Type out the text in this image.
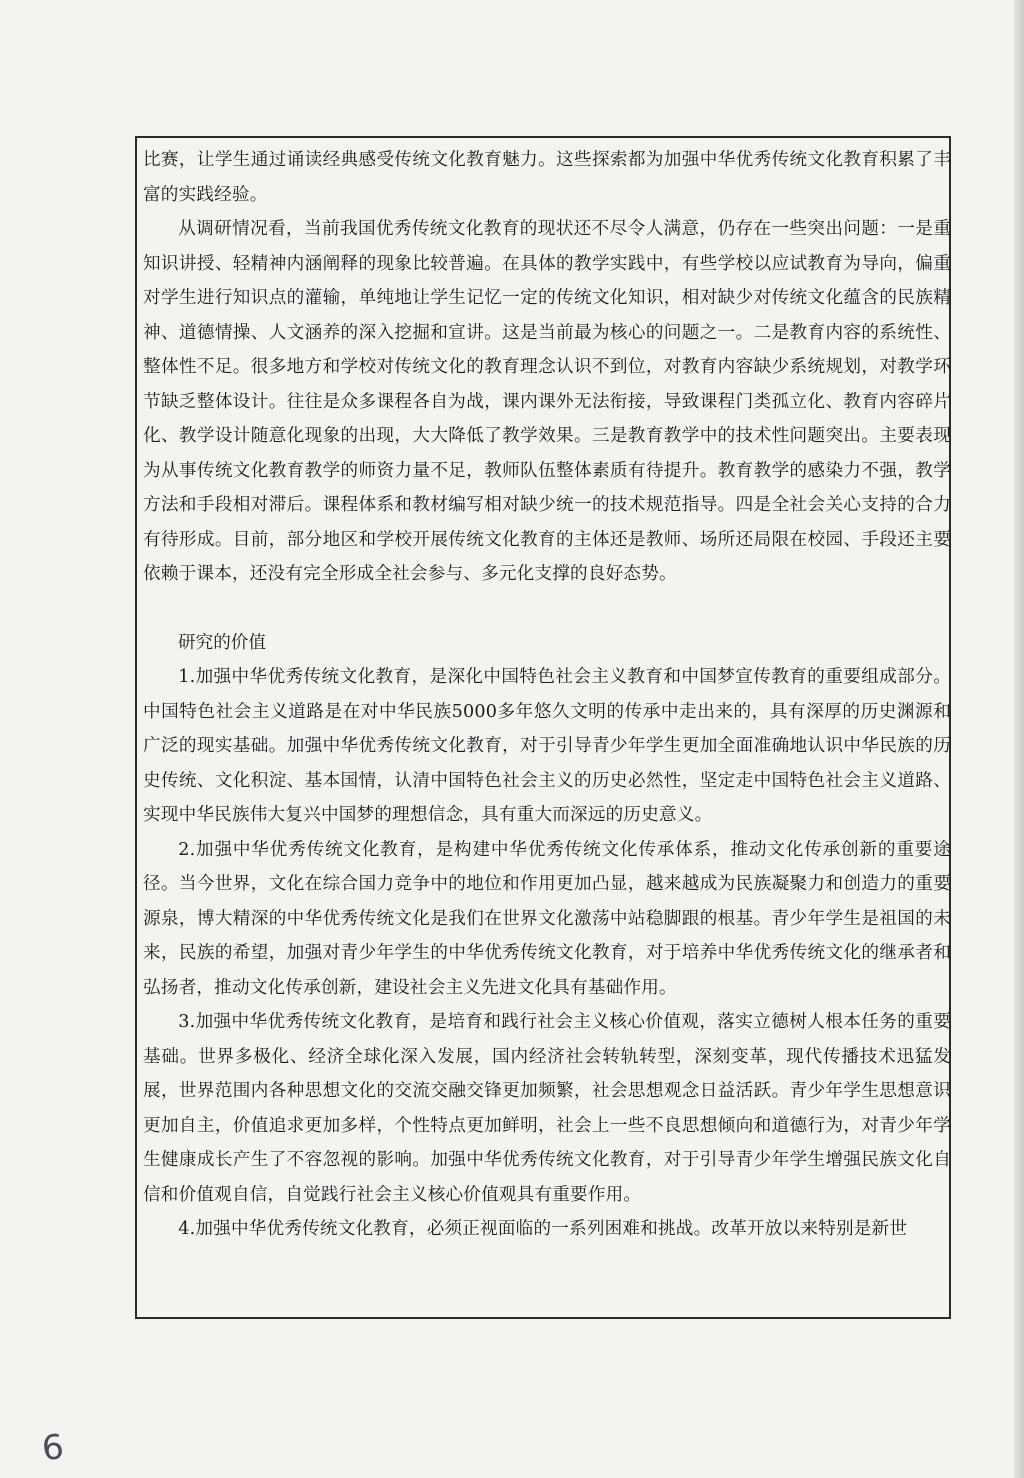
比赛，让学生通过诵读经典感受传统文化教育魅力。这些探索都为加强中华优秀传统文化教育积累了丰富的实践经验。

从调研情况看，当前我国优秀传统文化教育的现状还不尽令人满意，仍存在一些突出问题：一是重知识讲授、轻精神内涵阐释的现象比较普遍。在具体的教学实践中，有些学校以应试教育为导向，偏重对学生进行知识点的灌输，单纯地让学生记忆一定的传统文化知识，相对缺少对传统文化蕴含的民族精神、道德情操、人文涵养的深入挖掘和宣讲。这是当前最为核心的问题之一。二是教育内容的系统性、整体性不足。很多地方和学校对传统文化的教育理念认识不到位，对教育内容缺少系统规划，对教学环节缺乏整体设计。往往是众多课程各自为战，课内课外无法衔接，导致课程门类孤立化、教育内容碎片化、教学设计随意化现象的出现，大大降低了教学效果。三是教育教学中的技术性问题突出。主要表现为从事传统文化教育教学的师资力量不足，教师队伍整体素质有待提升。教育教学的感染力不强，教学方法和手段相对滞后。课程体系和教材编写相对缺少统一的技术规范指导。四是全社会关心支持的合力有待形成。目前，部分地区和学校开展传统文化教育的主体还是教师、场所还局限在校园、手段还主要依赖于课本，还没有完全形成全社会参与、多元化支撑的良好态势。

研究的价值

1.加强中华优秀传统文化教育，是深化中国特色社会主义教育和中国梦宣传教育的重要组成部分。中国特色社会主义道路是在对中华民族5000多年悠久文明的传承中走出来的，具有深厚的历史渊源和广泛的现实基础。加强中华优秀传统文化教育，对于引导青少年学生更加全面准确地认识中华民族的历史传统、文化积淀、基本国情，认清中国特色社会主义的历史必然性，坚定走中国特色社会主义道路、实现中华民族伟大复兴中国梦的理想信念，具有重大而深远的历史意义。

2.加强中华优秀传统文化教育，是构建中华优秀传统文化传承体系，推动文化传承创新的重要途径。当今世界，文化在综合国力竞争中的地位和作用更加凸显，越来越成为民族凝聚力和创造力的重要源泉，博大精深的中华优秀传统文化是我们在世界文化激荡中站稳脚跟的根基。青少年学生是祖国的未来，民族的希望，加强对青少年学生的中华优秀传统文化教育，对于培养中华优秀传统文化的继承者和弘扬者，推动文化传承创新，建设社会主义先进文化具有基础作用。

3.加强中华优秀传统文化教育，是培育和践行社会主义核心价值观，落实立德树人根本任务的重要基础。世界多极化、经济全球化深入发展，国内经济社会转轨转型，深刻变革，现代传播技术迅猛发展，世界范围内各种思想文化的交流交融交锋更加频繁，社会思想观念日益活跃。青少年学生思想意识更加自主，价值追求更加多样，个性特点更加鲜明，社会上一些不良思想倾向和道德行为，对青少年学生健康成长产生了不容忽视的影响。加强中华优秀传统文化教育，对于引导青少年学生增强民族文化自信和价值观自信，自觉践行社会主义核心价值观具有重要作用。

4.加强中华优秀传统文化教育，必须正视面临的一系列困难和挑战。改革开放以来特别是新世

6
